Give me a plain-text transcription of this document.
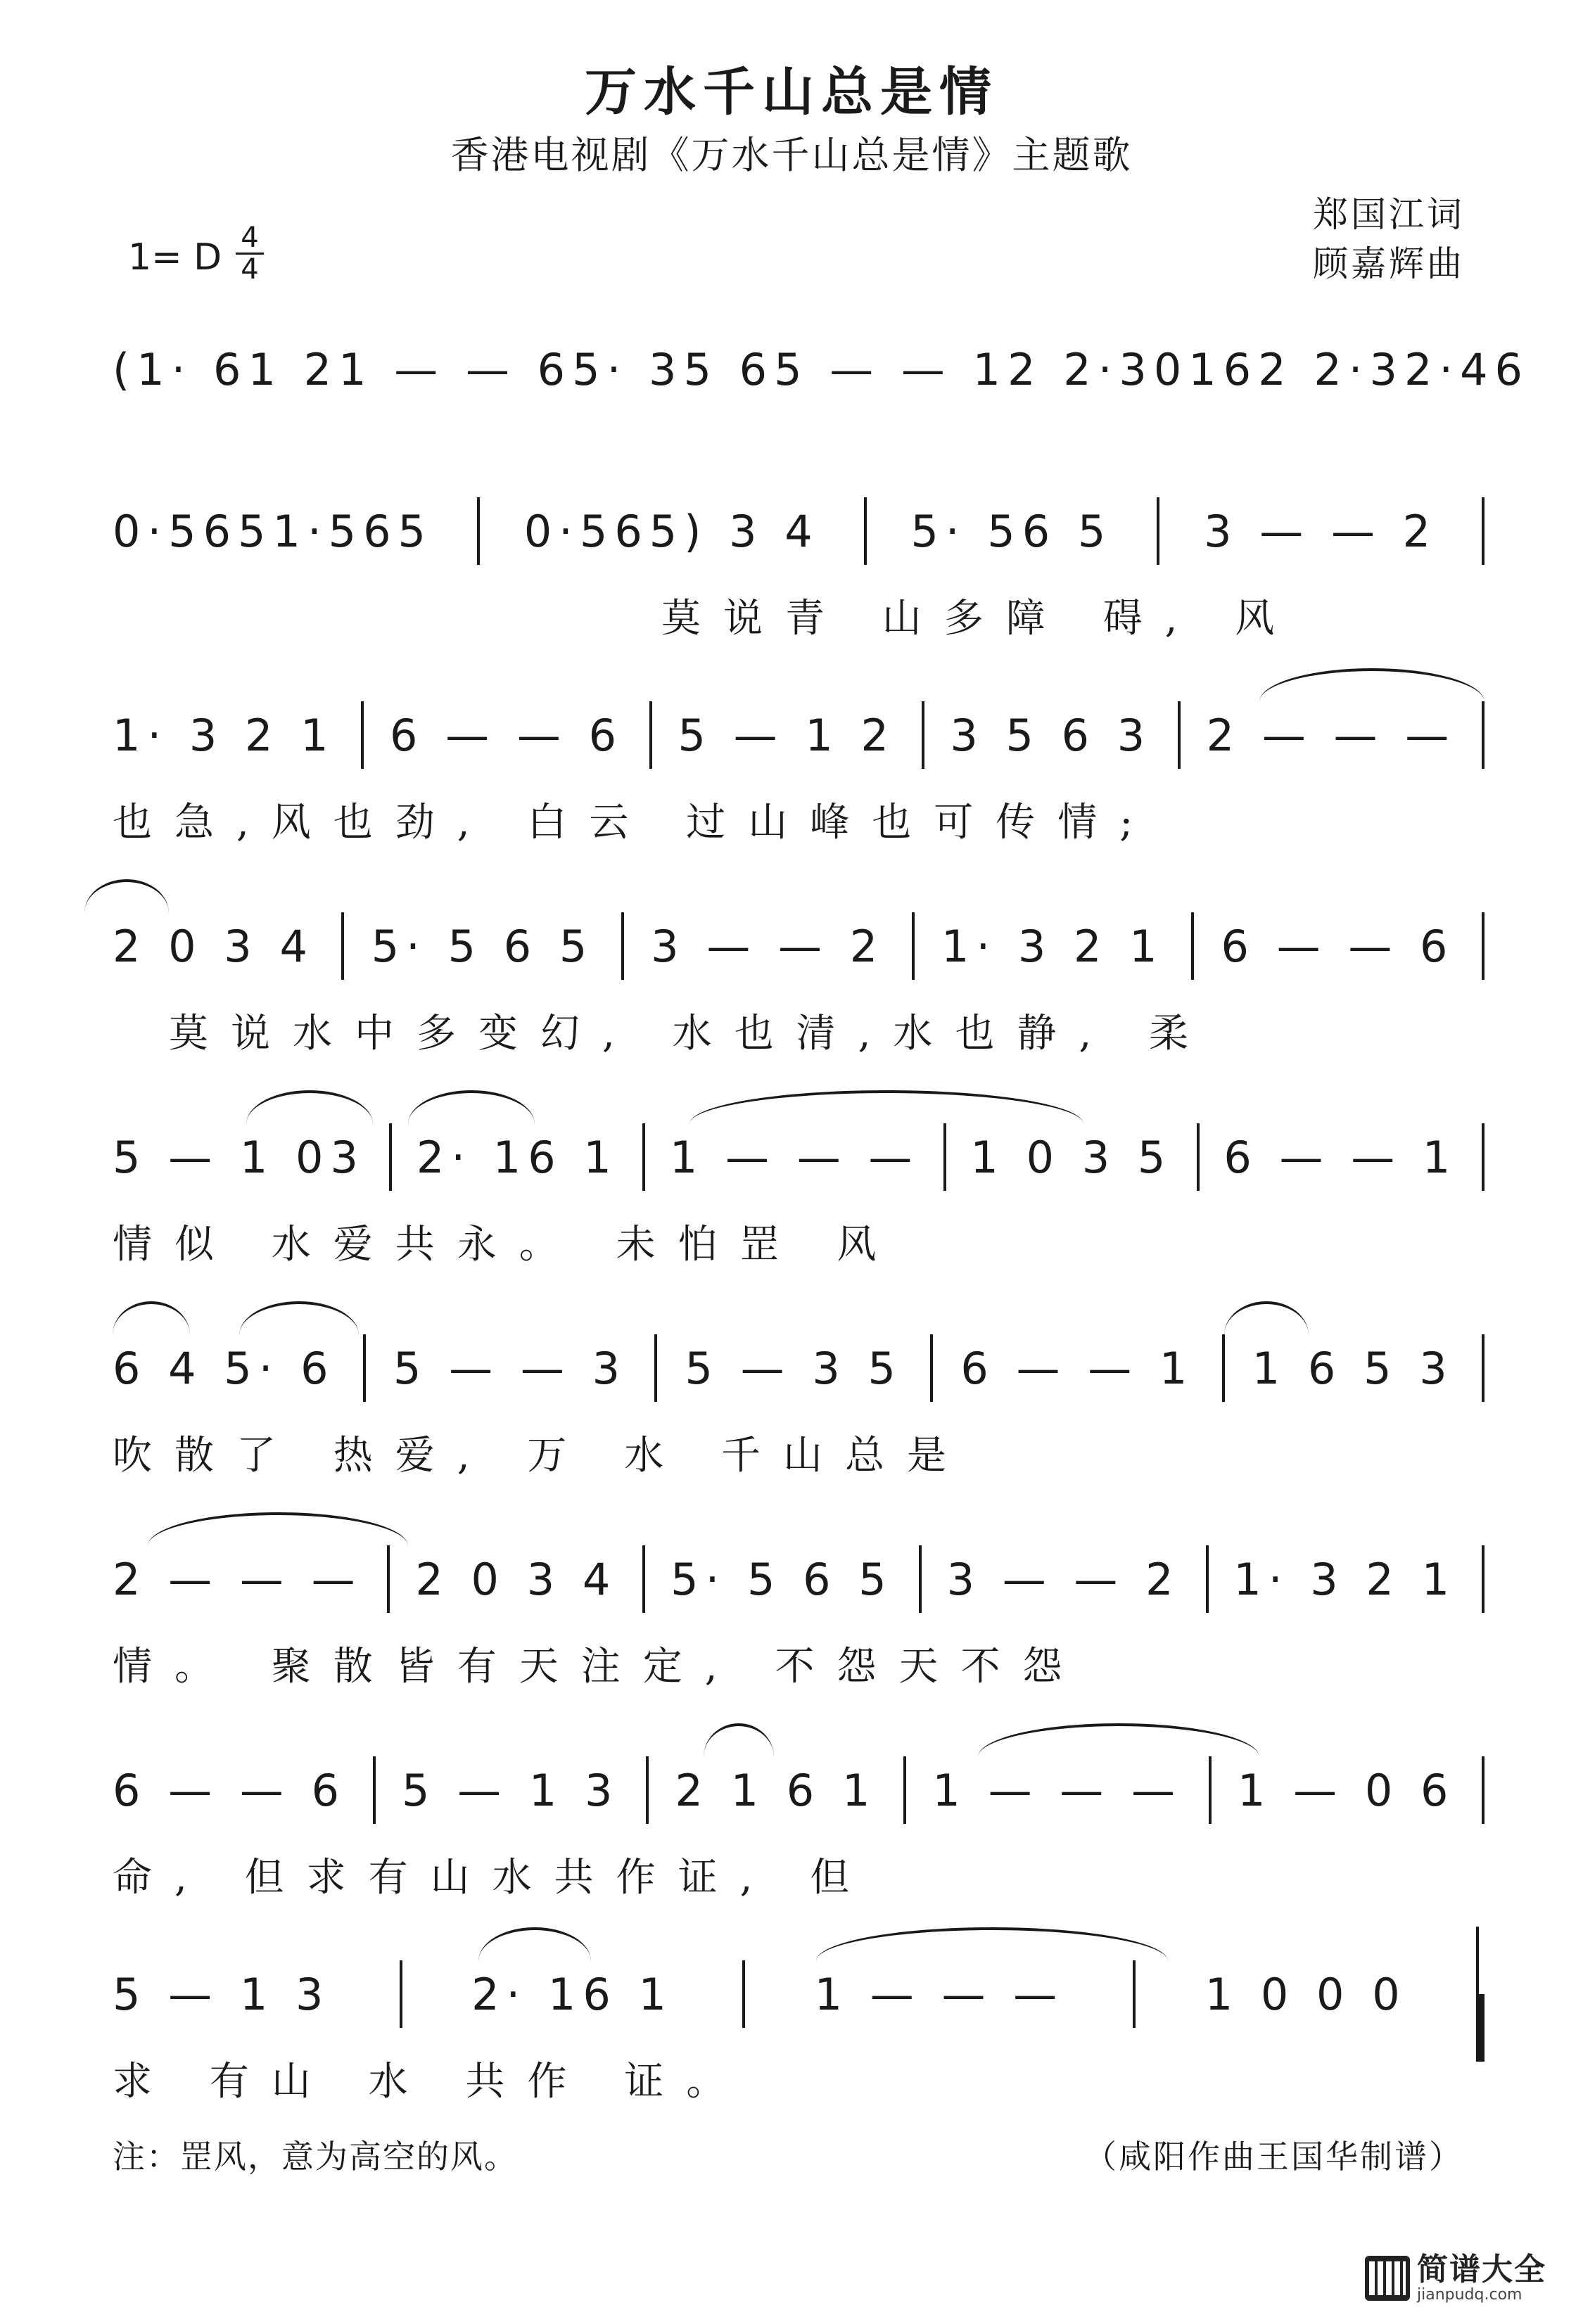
万水千山总是情
香港电视剧《万水千山总是情》主题歌
郑国江词
顾嘉辉曲
1= D 4
4
(1· 61 2 1 — — 6 5· 35 6 5 — — 1 2 2·3016 2 2·32·46
0·5651·565 0·565) 3 4 5· 56 5 3 — — 2
莫说青 山多障 碍, 风
1· 3 2 1 6 — — 6 5 — 1 2 3 5 6 3 2 — — —
也急,风也劲, 白云 过山峰也可传情;
2 0 3 4 5· 5 6 5 3 — — 2 1· 3 2 1 6 — — 6
莫说水中多变幻, 水也清,水也静, 柔
5 — 1 03 2· 16 1 1 — — — 1 0 3 5 6 — — 1
情似 水爱共永。 未怕罡 风
6 4 5· 6 5 — — 3 5 — 3 5 6 — — 1 1 6 5 3
吹散了 热爱, 万 水 千山总是
2 — — — 2 0 3 4 5· 5 6 5 3 — — 2 1· 3 2 1
情。 聚散皆有天注定, 不怨天不怨
6 — — 6 5 — 1 3 2 1 6 1 1 — — — 1 — 0 6
命, 但求有山水共作证, 但
5 — 1 3	2· 16 1	1 — — —	1 0 0 0
求 有山 水 共作 证。
注：罡风，意为高空的风。	（咸阳作曲王国华制谱）
简谱大全
jianpudq.com
